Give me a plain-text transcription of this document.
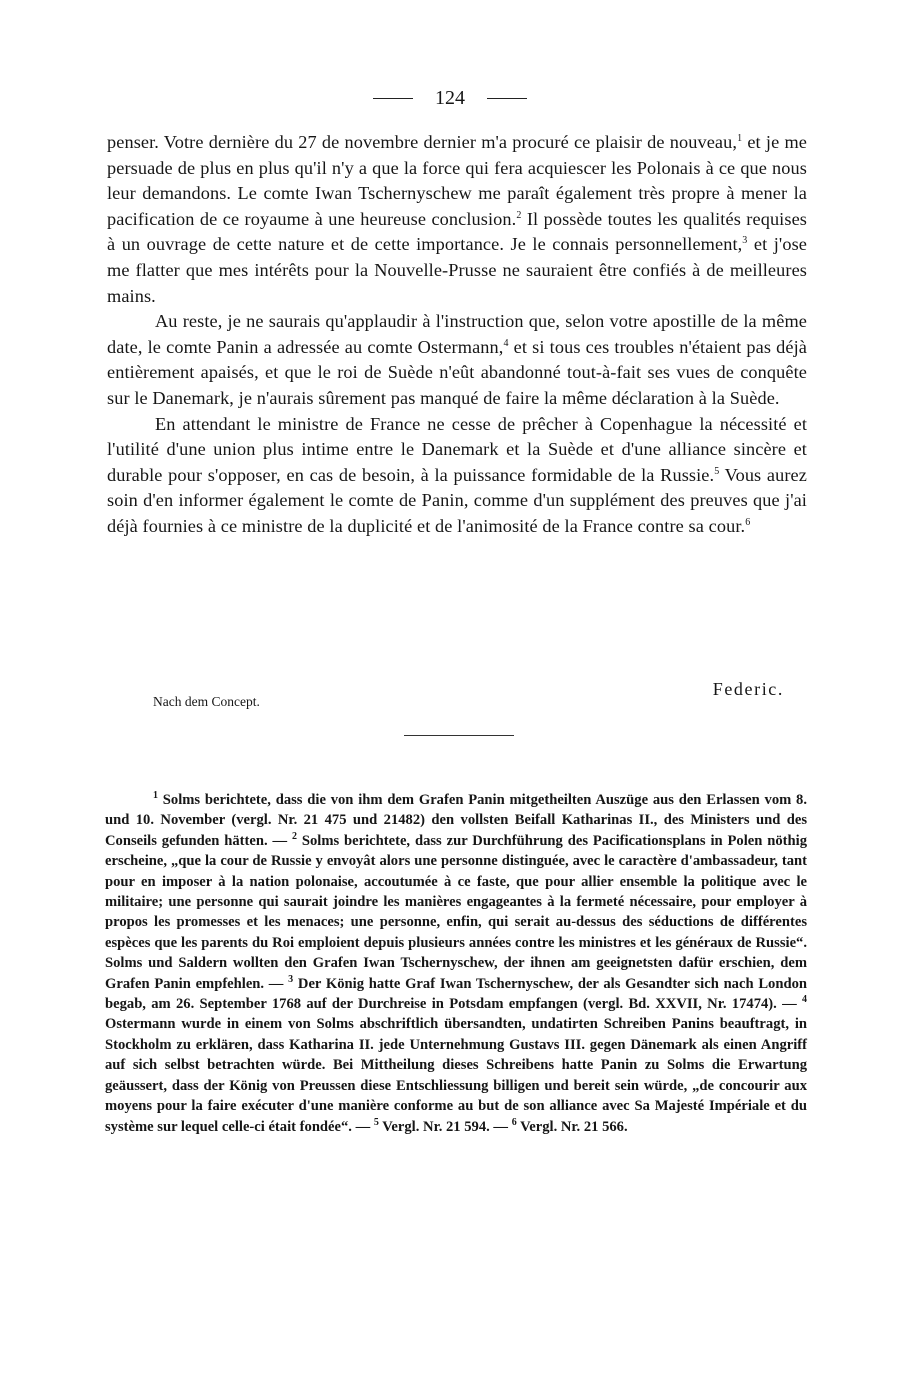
124

penser. Votre dernière du 27 de novembre dernier m'a procuré ce plaisir de nouveau,$^1$ et je me persuade de plus en plus qu'il n'y a que la force qui fera acquiescer les Polonais à ce que nous leur demandons. Le comte Iwan Tschernyschew me paraît également très propre à mener la pacification de ce royaume à une heureuse conclusion.$^2$ Il possède toutes les qualités requises à un ouvrage de cette nature et de cette importance. Je le connais personnellement,$^3$ et j'ose me flatter que mes intérêts pour la Nouvelle-Prusse ne sauraient être confiés à de meilleures mains.

Au reste, je ne saurais qu'applaudir à l'instruction que, selon votre apostille de la même date, le comte Panin a adressée au comte Ostermann,$^4$ et si tous ces troubles n'étaient pas déjà entièrement apaisés, et que le roi de Suède n'eût abandonné tout-à-fait ses vues de conquête sur le Danemark, je n'aurais sûrement pas manqué de faire la même déclaration à la Suède.

En attendant le ministre de France ne cesse de prêcher à Copenhague la nécessité et l'utilité d'une union plus intime entre le Danemark et la Suède et d'une alliance sincère et durable pour s'opposer, en cas de besoin, à la puissance formidable de la Russie.$^5$ Vous aurez soin d'en informer également le comte de Panin, comme d'un supplément des preuves que j'ai déjà fournies à ce ministre de la duplicité et de l'animosité de la France contre sa cour.$^6$

Nach dem Concept.
Federic.

$^1$ Solms berichtete, dass die von ihm dem Grafen Panin mitgetheilten Auszüge aus den Erlassen vom 8. und 10. November (vergl. Nr. 21 475 und 21482) den vollsten Beifall Katharinas II., des Ministers und des Conseils gefunden hätten. — $^2$ Solms berichtete, dass zur Durchführung des Pacificationsplans in Polen nöthig erscheine, „que la cour de Russie y envoyât alors une personne distinguée, avec le caractère d'ambassadeur, tant pour en imposer à la nation polonaise, accoutumée à ce faste, que pour allier ensemble la politique avec le militaire; une personne qui saurait joindre les manières engageantes à la fermeté nécessaire, pour employer à propos les promesses et les menaces; une personne, enfin, qui serait au-dessus des séductions de différentes espèces que les parents du Roi emploient depuis plusieurs années contre les ministres et les généraux de Russie“. Solms und Saldern wollten den Grafen Iwan Tschernyschew, der ihnen am geeignetsten dafür erschien, dem Grafen Panin empfehlen. — $^3$ Der König hatte Graf Iwan Tschernyschew, der als Gesandter sich nach London begab, am 26. September 1768 auf der Durchreise in Potsdam empfangen (vergl. Bd. XXVII, Nr. 17474). — $^4$ Ostermann wurde in einem von Solms abschriftlich übersandten, undatirten Schreiben Panins beauftragt, in Stockholm zu erklären, dass Katharina II. jede Unternehmung Gustavs III. gegen Dänemark als einen Angriff auf sich selbst betrachten würde. Bei Mittheilung dieses Schreibens hatte Panin zu Solms die Erwartung geäussert, dass der König von Preussen diese Entschliessung billigen und bereit sein würde, „de concourir aux moyens pour la faire exécuter d'une manière conforme au but de son alliance avec Sa Majesté Impériale et du système sur lequel celle-ci était fondée“. — $^5$ Vergl. Nr. 21 594. — $^6$ Vergl. Nr. 21 566.
